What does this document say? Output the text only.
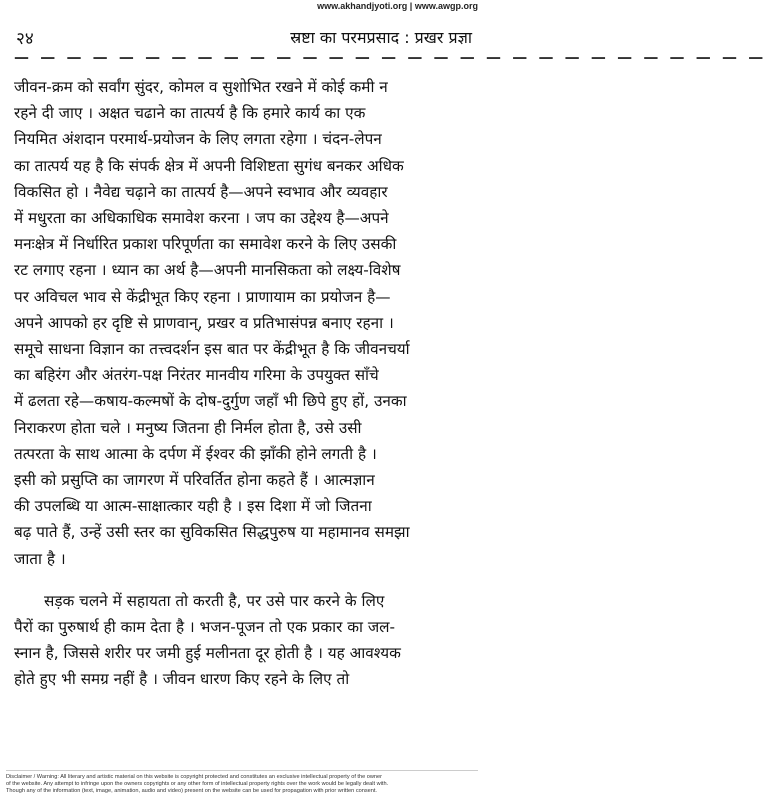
www.akhandjyoti.org | www.awgp.org
२४	स्रष्टा का परमप्रसाद : प्रखर प्रज्ञा
— — — — — — — — — — — — — — — — — — — — — — — — — — — — —

जीवन-क्रम को सर्वांग सुंदर, कोमल व सुशोभित रखने में कोई कमी न

रहने दी जाए । अक्षत चढाने का तात्पर्य है कि हमारे कार्य का एक

नियमित अंशदान परमार्थ-प्रयोजन के लिए लगता रहेगा । चंदन-लेपन

का तात्पर्य यह है कि संपर्क क्षेत्र में अपनी विशिष्टता सुगंध बनकर अधिक

विकसित हो । नैवेद्य चढ़ाने का तात्पर्य है—अपने स्वभाव और व्यवहार

में मधुरता का अधिकाधिक समावेश करना । जप का उद्देश्य है—अपने

मनःक्षेत्र में निर्धारित प्रकाश परिपूर्णता का समावेश करने के लिए उसकी

रट लगाए रहना । ध्यान का अर्थ है—अपनी मानसिकता को लक्ष्य-विशेष

पर अविचल भाव से केंद्रीभूत किए रहना । प्राणायाम का प्रयोजन है—

अपने आपको हर दृष्टि से प्राणवान्, प्रखर व प्रतिभासंपन्न बनाए रहना ।

समूचे साधना विज्ञान का तत्त्वदर्शन इस बात पर केंद्रीभूत है कि जीवनचर्या

का बहिरंग और अंतरंग-पक्ष निरंतर मानवीय गरिमा के उपयुक्त साँचे

में ढलता रहे—कषाय-कल्मषों के दोष-दुर्गुण जहाँ भी छिपे हुए हों, उनका

निराकरण होता चले । मनुष्य जितना ही निर्मल होता है, उसे उसी

तत्परता के साथ आत्मा के दर्पण में ईश्वर की झाँकी होने लगती है ।

इसी को प्रसुप्ति का जागरण में परिवर्तित होना कहते हैं । आत्मज्ञान

की उपलब्धि या आत्म-साक्षात्कार यही है । इस दिशा में जो जितना

बढ़ पाते हैं, उन्हें उसी स्तर का सुविकसित सिद्धपुरुष या महामानव समझा

जाता है ।

सड़क चलने में सहायता तो करती है, पर उसे पार करने के लिए

पैरों का पुरुषार्थ ही काम देता है । भजन-पूजन तो एक प्रकार का जल-

स्नान है, जिससे शरीर पर जमी हुई मलीनता दूर होती है । यह आवश्यक

होते हुए भी समग्र नहीं है । जीवन धारण किए रहने के लिए तो

Disclaimer / Warning: All literary and artistic material on this website is copyright protected and constitutes an exclusive intellectual property of the owner
of the website. Any attempt to infringe upon the owners copyrights or any other form of intellectual property rights over the work would be legally dealt with.
Though any of the information (text, image, animation, audio and video) present on the website can be used for propagation with prior written consent.
